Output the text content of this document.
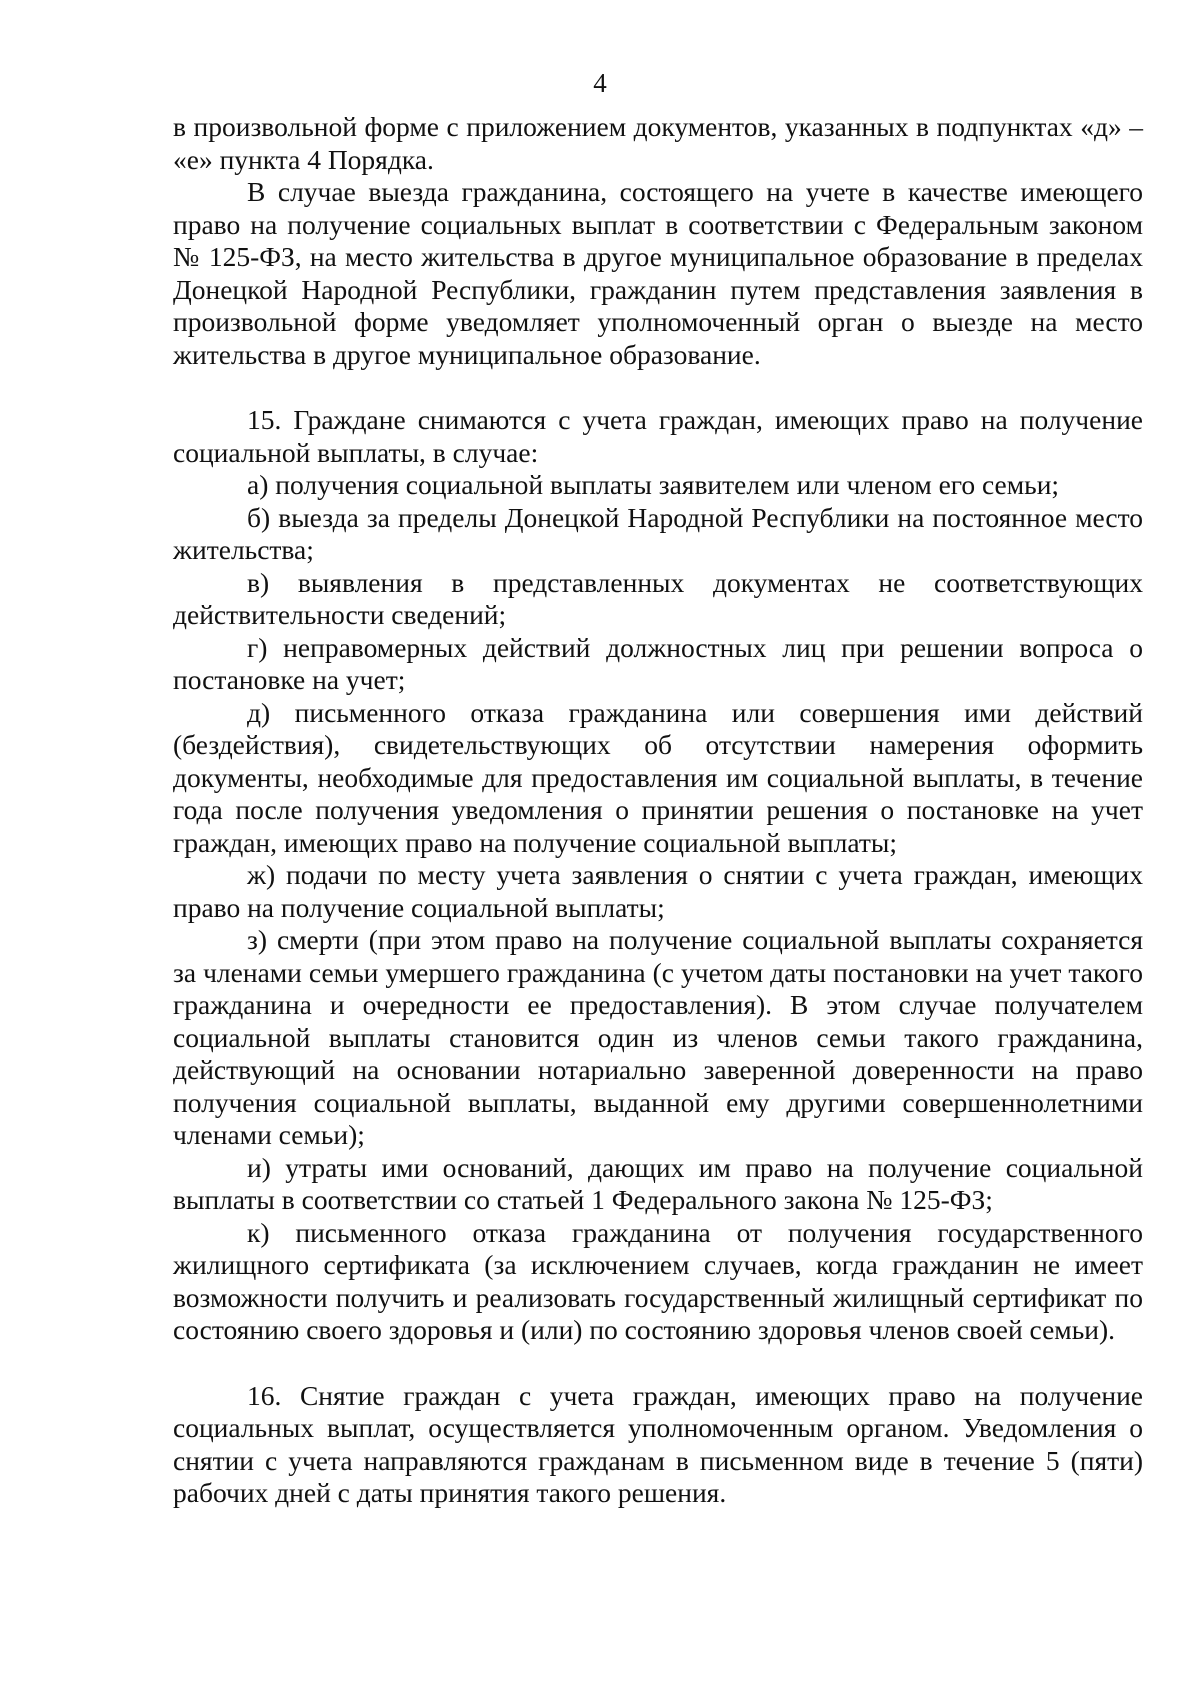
4

в произвольной форме с приложением документов, указанных в подпунктах «д» – «е» пункта 4 Порядка.

В случае выезда гражданина, состоящего на учете в качестве имеющего право на получение социальных выплат в соответствии с Федеральным законом № 125-ФЗ, на место жительства в другое муниципальное образование в пределах Донецкой Народной Республики, гражданин путем представления заявления в произвольной форме уведомляет уполномоченный орган о выезде на место жительства в другое муниципальное образование.

15. Граждане снимаются с учета граждан, имеющих право на получение социальной выплаты, в случае:

а) получения социальной выплаты заявителем или членом его семьи;

б) выезда за пределы Донецкой Народной Республики на постоянное место жительства;

в) выявления в представленных документах не соответствующих действительности сведений;

г) неправомерных действий должностных лиц при решении вопроса о постановке на учет;

д) письменного отказа гражданина или совершения ими действий (бездействия), свидетельствующих об отсутствии намерения оформить документы, необходимые для предоставления им социальной выплаты, в течение года после получения уведомления о принятии решения о постановке на учет граждан, имеющих право на получение социальной выплаты;

ж) подачи по месту учета заявления о снятии с учета граждан, имеющих право на получение социальной выплаты;

з) смерти (при этом право на получение социальной выплаты сохраняется за членами семьи умершего гражданина (с учетом даты постановки на учет такого гражданина и очередности ее предоставления). В этом случае получателем социальной выплаты становится один из членов семьи такого гражданина, действующий на основании нотариально заверенной доверенности на право получения социальной выплаты, выданной ему другими совершеннолетними членами семьи);

и) утраты ими оснований, дающих им право на получение социальной выплаты в соответствии со статьей 1 Федерального закона № 125-ФЗ;

к) письменного отказа гражданина от получения государственного жилищного сертификата (за исключением случаев, когда гражданин не имеет возможности получить и реализовать государственный жилищный сертификат по состоянию своего здоровья и (или) по состоянию здоровья членов своей семьи).

16. Снятие граждан с учета граждан, имеющих право на получение социальных выплат, осуществляется уполномоченным органом. Уведомления о снятии с учета направляются гражданам в письменном виде в течение 5 (пяти) рабочих дней с даты принятия такого решения.
